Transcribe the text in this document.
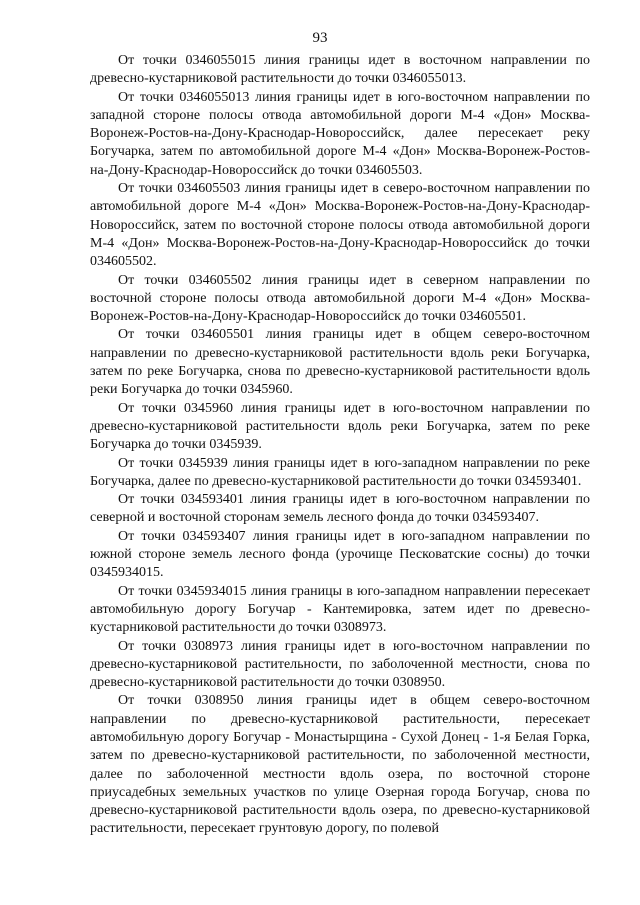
93

От точки 0346055015 линия границы идет в восточном направлении по древесно-кустарниковой растительности до точки 0346055013.

От точки 0346055013 линия границы идет в юго-восточном направлении по западной стороне полосы отвода автомобильной дороги М-4 «Дон» Москва-Воронеж-Ростов-на-Дону-Краснодар-Новороссийск, далее пересекает реку Богучарка, затем по автомобильной дороге М-4 «Дон» Москва-Воронеж-Ростов-на-Дону-Краснодар-Новороссийск до точки 034605503.

От точки 034605503 линия границы идет в северо-восточном направлении по автомобильной дороге М-4 «Дон» Москва-Воронеж-Ростов-на-Дону-Краснодар-Новороссийск, затем по восточной стороне полосы отвода автомобильной дороги М-4 «Дон» Москва-Воронеж-Ростов-на-Дону-Краснодар-Новороссийск до точки 034605502.

От точки 034605502 линия границы идет в северном направлении по восточной стороне полосы отвода автомобильной дороги М-4 «Дон» Москва-Воронеж-Ростов-на-Дону-Краснодар-Новороссийск до точки 034605501.

От точки 034605501 линия границы идет в общем северо-восточном направлении по древесно-кустарниковой растительности вдоль реки Богучарка, затем по реке Богучарка, снова по древесно-кустарниковой растительности вдоль реки Богучарка до точки 0345960.

От точки 0345960 линия границы идет в юго-восточном направлении по древесно-кустарниковой растительности вдоль реки Богучарка, затем по реке Богучарка до точки 0345939.

От точки 0345939 линия границы идет в юго-западном направлении по реке Богучарка, далее по древесно-кустарниковой растительности до точки 034593401.

От точки 034593401 линия границы идет в юго-восточном направлении по северной и восточной сторонам земель лесного фонда до точки 034593407.

От точки 034593407 линия границы идет в юго-западном направлении по южной стороне земель лесного фонда (урочище Песковатские сосны) до точки 0345934015.

От точки 0345934015 линия границы в юго-западном направлении пересекает автомобильную дорогу Богучар - Кантемировка, затем идет по древесно-кустарниковой растительности до точки 0308973.

От точки 0308973 линия границы идет в юго-восточном направлении по древесно-кустарниковой растительности, по заболоченной местности, снова по древесно-кустарниковой растительности до точки 0308950.

От точки 0308950 линия границы идет в общем северо-восточном направлении по древесно-кустарниковой растительности, пересекает автомобильную дорогу Богучар - Монастырщина - Сухой Донец - 1-я Белая Горка, затем по древесно-кустарниковой растительности, по заболоченной местности, далее по заболоченной местности вдоль озера, по восточной стороне приусадебных земельных участков по улице Озерная города Богучар, снова по древесно-кустарниковой растительности вдоль озера, по древесно-кустарниковой растительности, пересекает грунтовую дорогу, по полевой
